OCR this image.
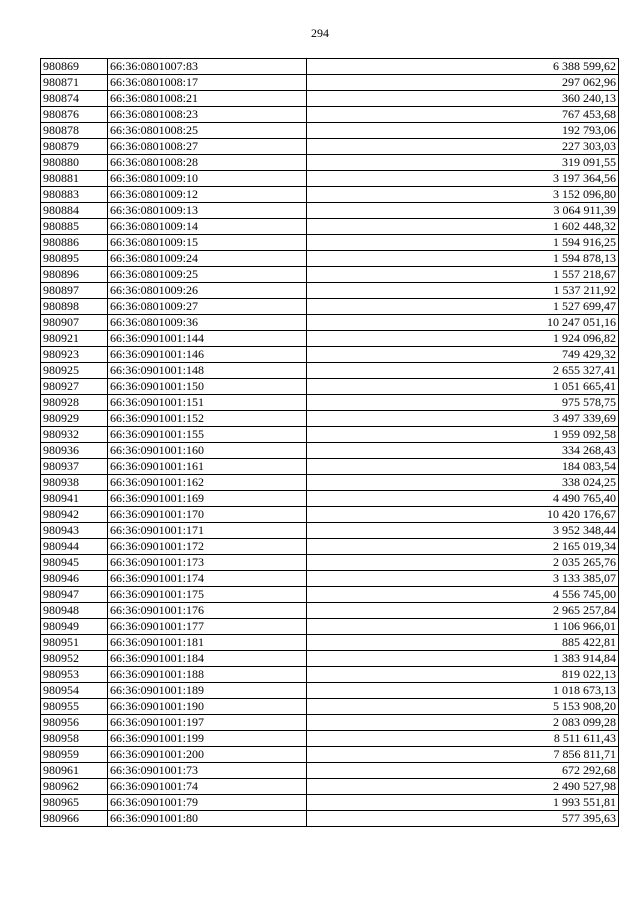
294
980869	66:36:0801007:83	6 388 599,62
980871	66:36:0801008:17	297 062,96
980874	66:36:0801008:21	360 240,13
980876	66:36:0801008:23	767 453,68
980878	66:36:0801008:25	192 793,06
980879	66:36:0801008:27	227 303,03
980880	66:36:0801008:28	319 091,55
980881	66:36:0801009:10	3 197 364,56
980883	66:36:0801009:12	3 152 096,80
980884	66:36:0801009:13	3 064 911,39
980885	66:36:0801009:14	1 602 448,32
980886	66:36:0801009:15	1 594 916,25
980895	66:36:0801009:24	1 594 878,13
980896	66:36:0801009:25	1 557 218,67
980897	66:36:0801009:26	1 537 211,92
980898	66:36:0801009:27	1 527 699,47
980907	66:36:0801009:36	10 247 051,16
980921	66:36:0901001:144	1 924 096,82
980923	66:36:0901001:146	749 429,32
980925	66:36:0901001:148	2 655 327,41
980927	66:36:0901001:150	1 051 665,41
980928	66:36:0901001:151	975 578,75
980929	66:36:0901001:152	3 497 339,69
980932	66:36:0901001:155	1 959 092,58
980936	66:36:0901001:160	334 268,43
980937	66:36:0901001:161	184 083,54
980938	66:36:0901001:162	338 024,25
980941	66:36:0901001:169	4 490 765,40
980942	66:36:0901001:170	10 420 176,67
980943	66:36:0901001:171	3 952 348,44
980944	66:36:0901001:172	2 165 019,34
980945	66:36:0901001:173	2 035 265,76
980946	66:36:0901001:174	3 133 385,07
980947	66:36:0901001:175	4 556 745,00
980948	66:36:0901001:176	2 965 257,84
980949	66:36:0901001:177	1 106 966,01
980951	66:36:0901001:181	885 422,81
980952	66:36:0901001:184	1 383 914,84
980953	66:36:0901001:188	819 022,13
980954	66:36:0901001:189	1 018 673,13
980955	66:36:0901001:190	5 153 908,20
980956	66:36:0901001:197	2 083 099,28
980958	66:36:0901001:199	8 511 611,43
980959	66:36:0901001:200	7 856 811,71
980961	66:36:0901001:73	672 292,68
980962	66:36:0901001:74	2 490 527,98
980965	66:36:0901001:79	1 993 551,81
980966	66:36:0901001:80	577 395,63
